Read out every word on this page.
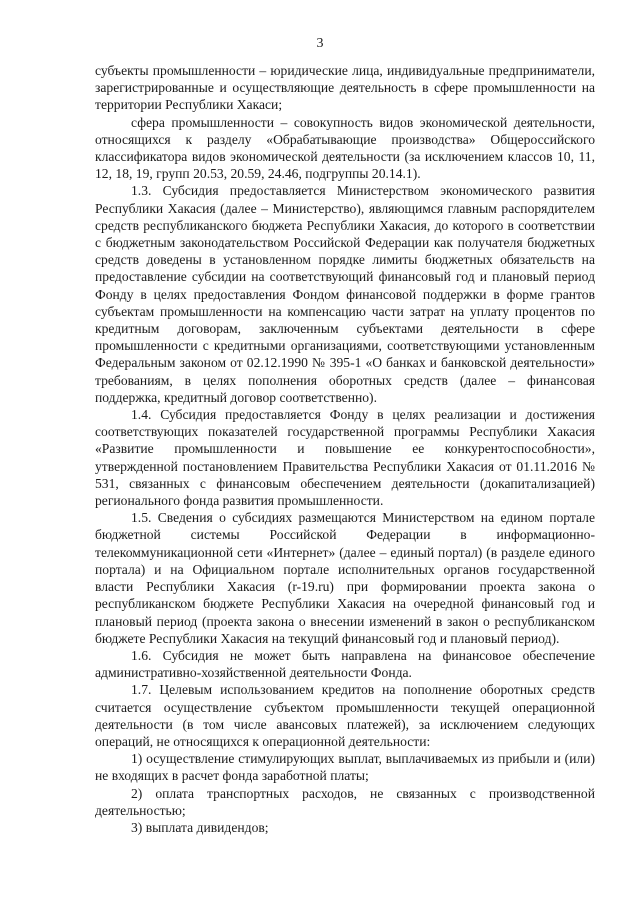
3

субъекты промышленности – юридические лица, индивидуальные предприниматели, зарегистрированные и осуществляющие деятельность в сфере промышленности на территории Республики Хакаси;

сфера промышленности – совокупность видов экономической деятельности, относящихся к разделу «Обрабатывающие производства» Общероссийского классификатора видов экономической деятельности (за исключением классов 10, 11, 12, 18, 19, групп 20.53, 20.59, 24.46, подгруппы 20.14.1).

1.3. Субсидия предоставляется Министерством экономического развития Республики Хакасия (далее – Министерство), являющимся главным распорядителем средств республиканского бюджета Республики Хакасия, до которого в соответствии с бюджетным законодательством Российской Федерации как получателя бюджетных средств доведены в установленном порядке лимиты бюджетных обязательств на предоставление субсидии на соответствующий финансовый год и плановый период Фонду в целях предоставления Фондом финансовой поддержки в форме грантов субъектам промышленности на компенсацию части затрат на уплату процентов по кредитным договорам, заключенным субъектами деятельности в сфере промышленности с кредитными организациями, соответствующими установленным Федеральным законом от 02.12.1990 № 395-1 «О банках и банковской деятельности» требованиям, в целях пополнения оборотных средств (далее – финансовая поддержка, кредитный договор соответственно).

1.4. Субсидия предоставляется Фонду в целях реализации и достижения соответствующих показателей государственной программы Республики Хакасия «Развитие промышленности и повышение ее конкурентоспособности», утвержденной постановлением Правительства Республики Хакасия от 01.11.2016 № 531, связанных с финансовым обеспечением деятельности (докапитализацией) регионального фонда развития промышленности.

1.5. Сведения о субсидиях размещаются Министерством на едином портале бюджетной системы Российской Федерации в информационно-телекоммуникационной сети «Интернет» (далее – единый портал) (в разделе единого портала) и на Официальном портале исполнительных органов государственной власти Республики Хакасия (r-19.ru) при формировании проекта закона о республиканском бюджете Республики Хакасия на очередной финансовый год и плановый период (проекта закона о внесении изменений в закон о республиканском бюджете Республики Хакасия на текущий финансовый год и плановый период).

1.6. Субсидия не может быть направлена на финансовое обеспечение административно-хозяйственной деятельности Фонда.

1.7. Целевым использованием кредитов на пополнение оборотных средств считается осуществление субъектом промышленности текущей операционной деятельности (в том числе авансовых платежей), за исключением следующих операций, не относящихся к операционной деятельности:

1) осуществление стимулирующих выплат, выплачиваемых из прибыли и (или) не входящих в расчет фонда заработной платы;

2) оплата транспортных расходов, не связанных с производственной деятельностью;

3) выплата дивидендов;
